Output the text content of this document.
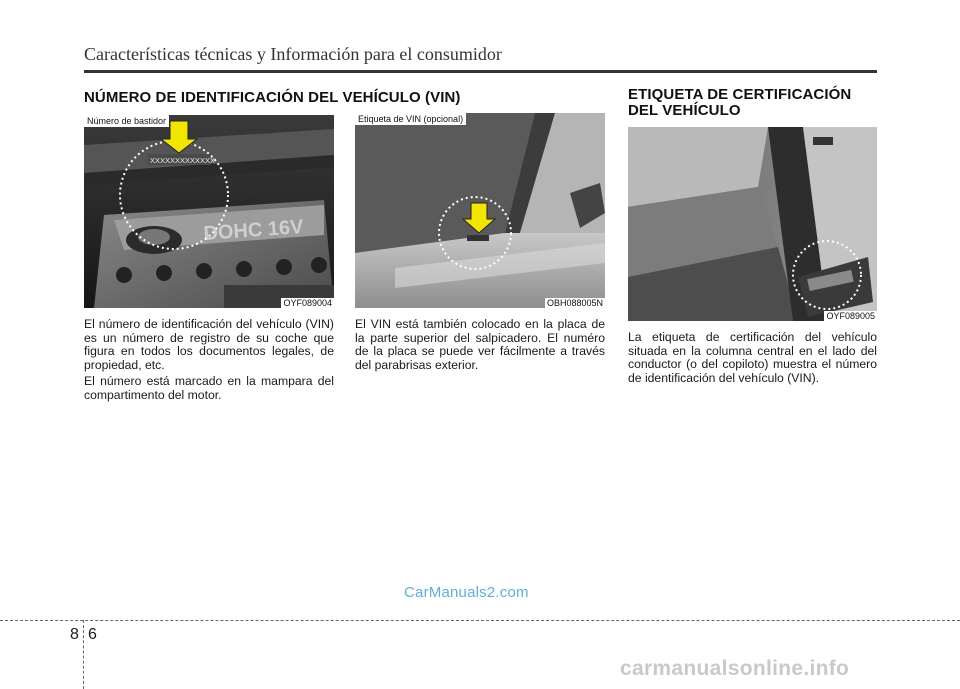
Características técnicas y Información para el consumidor
NÚMERO DE IDENTIFICACIÓN DEL VEHÍCULO (VIN)	ETIQUETA DE CERTIFICACIÓN
DEL VEHÍCULO
DOHC 16V
XXXXXXXXXXXXX
Número de bastidor
OYF089004
Etiqueta de VIN (opcional)
OBH088005N
OYF089005

El número de identificación del vehículo (VIN) es un número de registro de su coche que figura en todos los documentos legales, de propiedad, etc.

El número está marcado en la mampara del compartimento del motor.

El VIN está también colocado en la placa de la parte superior del salpicadero. El numéro de la placa se puede ver fácilmente a través del parabrisas exterior.

La etiqueta de certificación del vehículo situada en la columna central en el lado del conductor (o del copiloto) muestra el número de identificación del vehículo (VIN).

CarManuals2.com
8 6
carmanualsonline.info
